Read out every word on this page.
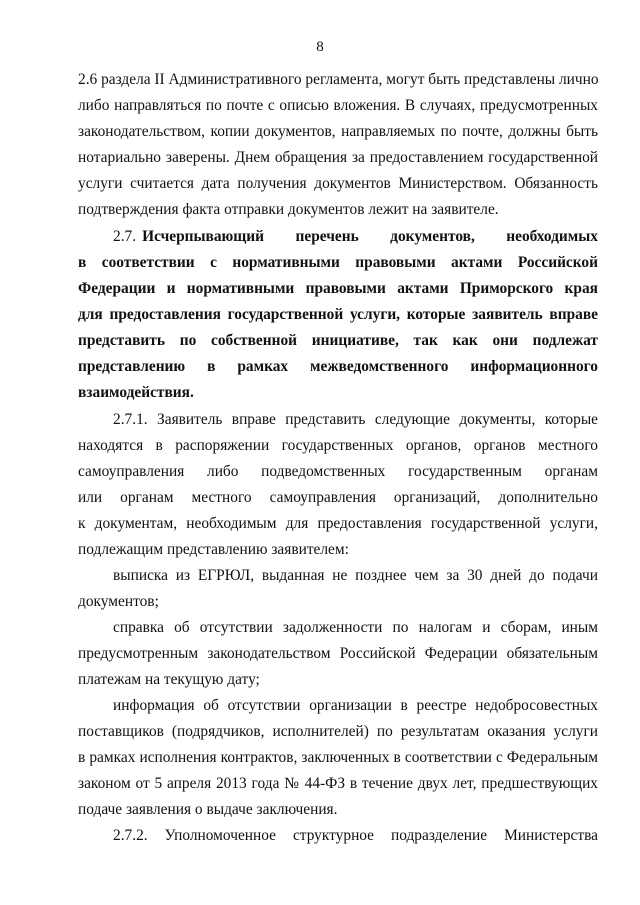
8
2.6 раздела II Административного регламента, могут быть представлены лично
либо направляться по почте с описью вложения. В случаях, предусмотренных
законодательством, копии документов, направляемых по почте, должны быть
нотариально заверены. Днем обращения за предоставлением государственной
услуги считается дата получения документов Министерством. Обязанность
подтверждения факта отправки документов лежит на заявителе.
2.7. Исчерпывающий перечень документов, необходимых
в соответствии с нормативными правовыми актами Российской
Федерации и нормативными правовыми актами Приморского края
для предоставления государственной услуги, которые заявитель вправе
представить по собственной инициативе, так как они подлежат
представлению в рамках межведомственного информационного
взаимодействия.
2.7.1. Заявитель вправе представить следующие документы, которые
находятся в распоряжении государственных органов, органов местного
самоуправления либо подведомственных государственным органам
или органам местного самоуправления организаций, дополнительно
к документам, необходимым для предоставления государственной услуги,
подлежащим представлению заявителем:
выписка из ЕГРЮЛ, выданная не позднее чем за 30 дней до подачи
документов;
справка об отсутствии задолженности по налогам и сборам, иным
предусмотренным законодательством Российской Федерации обязательным
платежам на текущую дату;
информация об отсутствии организации в реестре недобросовестных
поставщиков (подрядчиков, исполнителей) по результатам оказания услуги
в рамках исполнения контрактов, заключенных в соответствии с Федеральным
законом от 5 апреля 2013 года № 44-ФЗ в течение двух лет, предшествующих
подаче заявления о выдаче заключения.
2.7.2. Уполномоченное структурное подразделение Министерства
